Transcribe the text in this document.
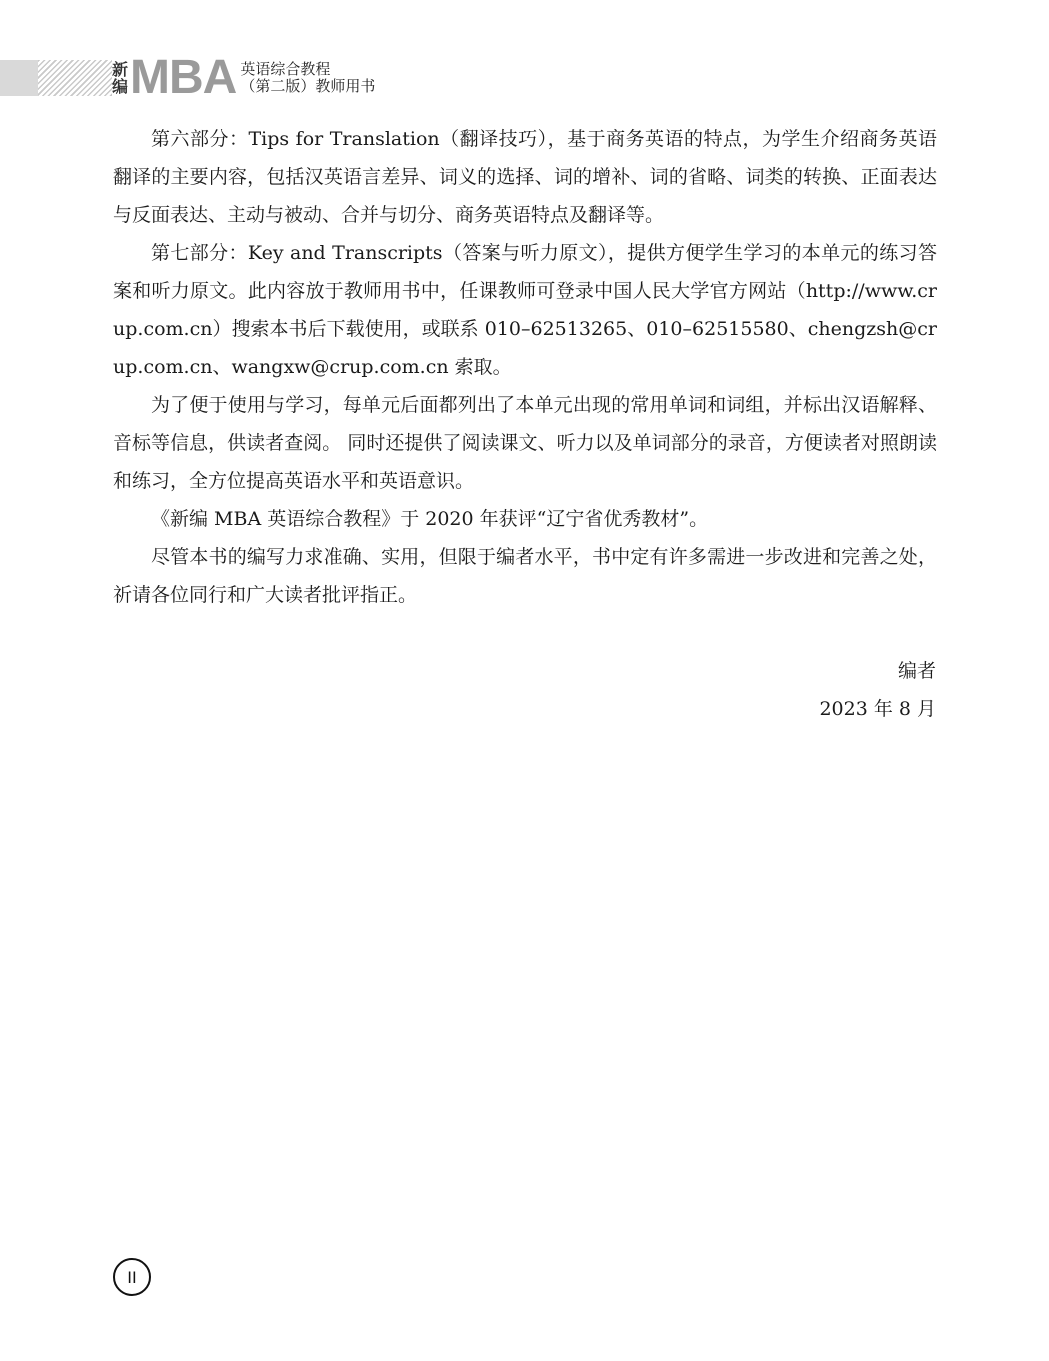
新
编 MBA 英语综合教程
（第二版）教师用书

第六部分：Tips for Translation（翻译技巧），基于商务英语的特点，为学生介绍商务英语翻译的主要内容，包括汉英语言差异、词义的选择、词的增补、词的省略、词类的转换、正面表达与反面表达、主动与被动、合并与切分、商务英语特点及翻译等。

第七部分：Key and Transcripts（答案与听力原文），提供方便学生学习的本单元的练习答案和听力原文。此内容放于教师用书中，任课教师可登录中国人民大学官方网站（http://www.crup.com.cn）搜索本书后下载使用，或联系 010–62513265、010–62515580、chengzsh@crup.com.cn、wangxw@crup.com.cn 索取。

为了便于使用与学习，每单元后面都列出了本单元出现的常用单词和词组，并标出汉语解释、音标等信息，供读者查阅。 同时还提供了阅读课文、听力以及单词部分的录音，方便读者对照朗读和练习，全方位提高英语水平和英语意识。

《新编 MBA 英语综合教程》于 2020 年获评“辽宁省优秀教材”。

尽管本书的编写力求准确、实用，但限于编者水平，书中定有许多需进一步改进和完善之处，祈请各位同行和广大读者批评指正。

编者
2023 年 8 月
II
